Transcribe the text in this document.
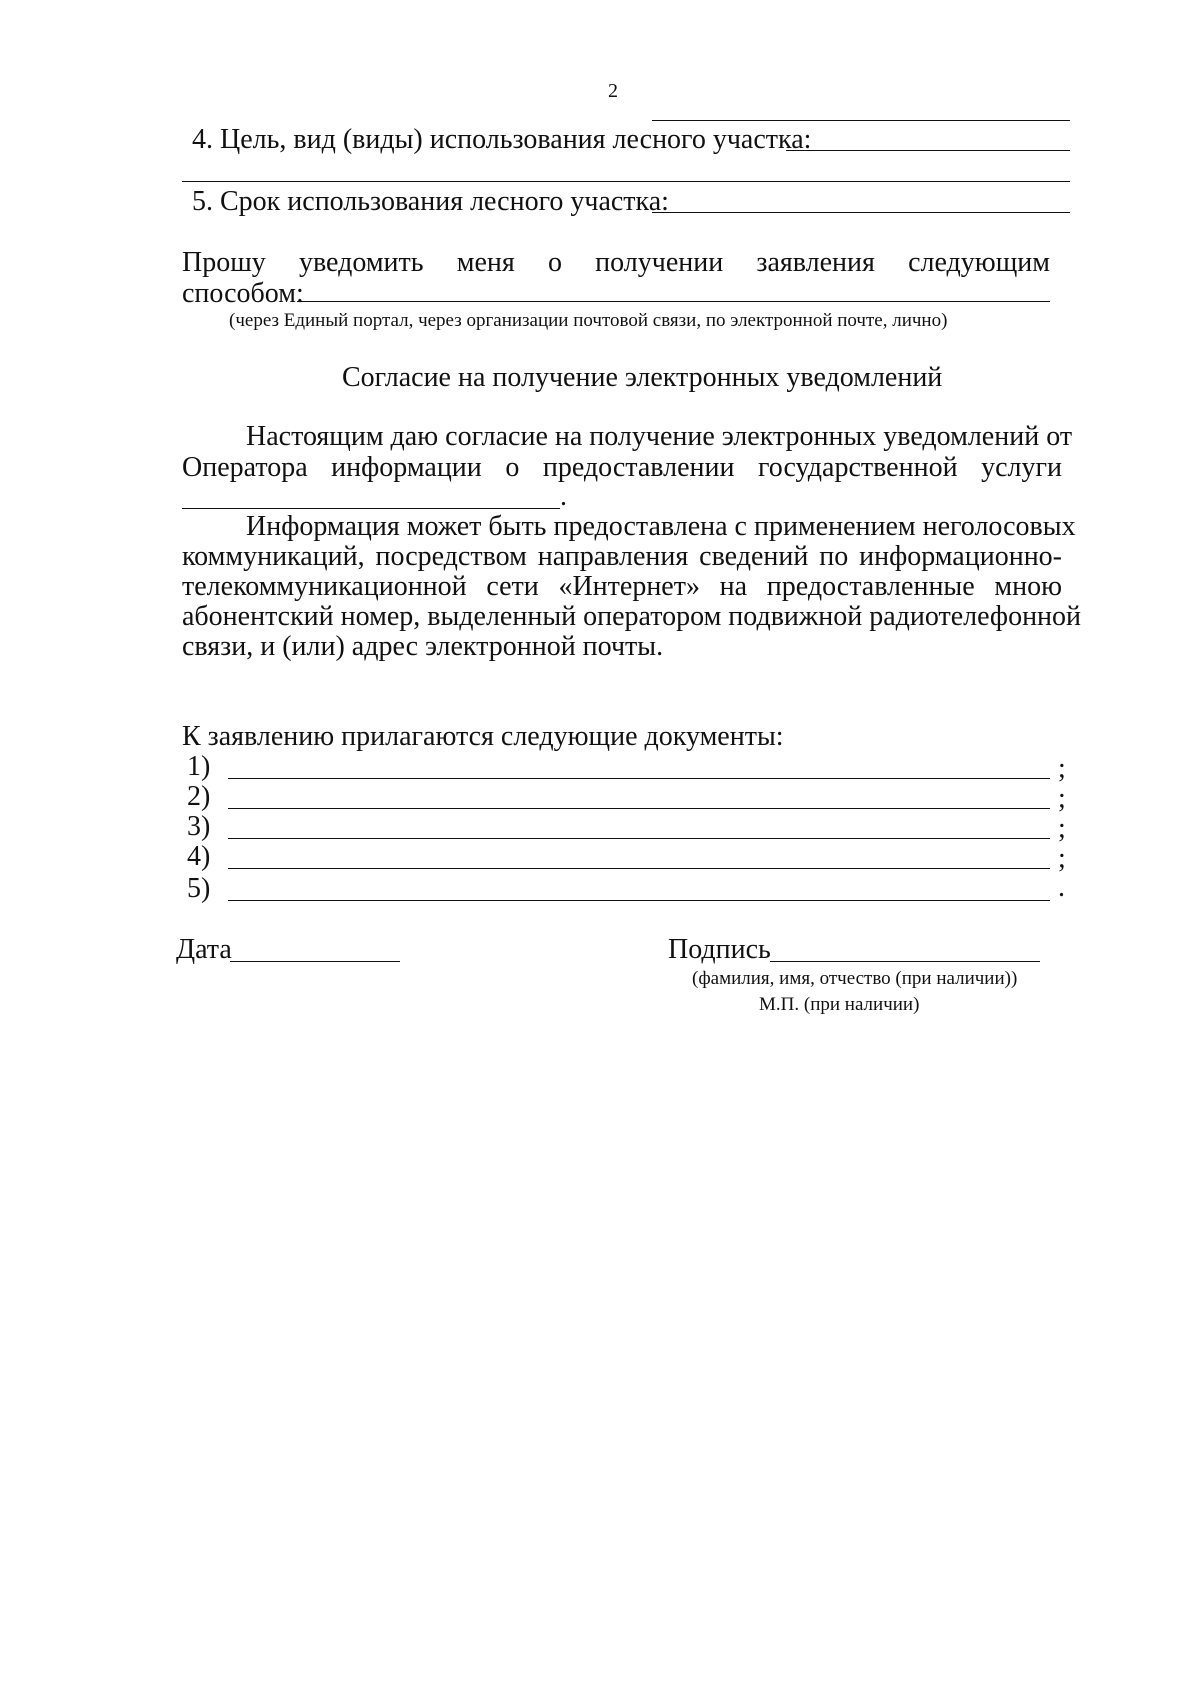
2
4. Цель, вид (виды) использования лесного участка:
5. Срок использования лесного участка:
Прошу уведомить меня о получении заявления следующим
способом:
(через Единый портал, через организации почтовой связи, по электронной почте, лично)
Согласие на получение электронных уведомлений
Настоящим даю согласие на получение электронных уведомлений от
Оператора информации о предоставлении государственной услуги
.
Информация может быть предоставлена с применением неголосовых
коммуникаций, посредством направления сведений по информационно-
телекоммуникационной сети «Интернет» на предоставленные мною
абонентский номер, выделенный оператором подвижной радиотелефонной
связи, и (или) адрес электронной почты.
К заявлению прилагаются следующие документы:
1)	;
2)	;
3)	;
4)	;
5)	.
Дата	Подпись
(фамилия, имя, отчество (при наличии))
М.П. (при наличии)
